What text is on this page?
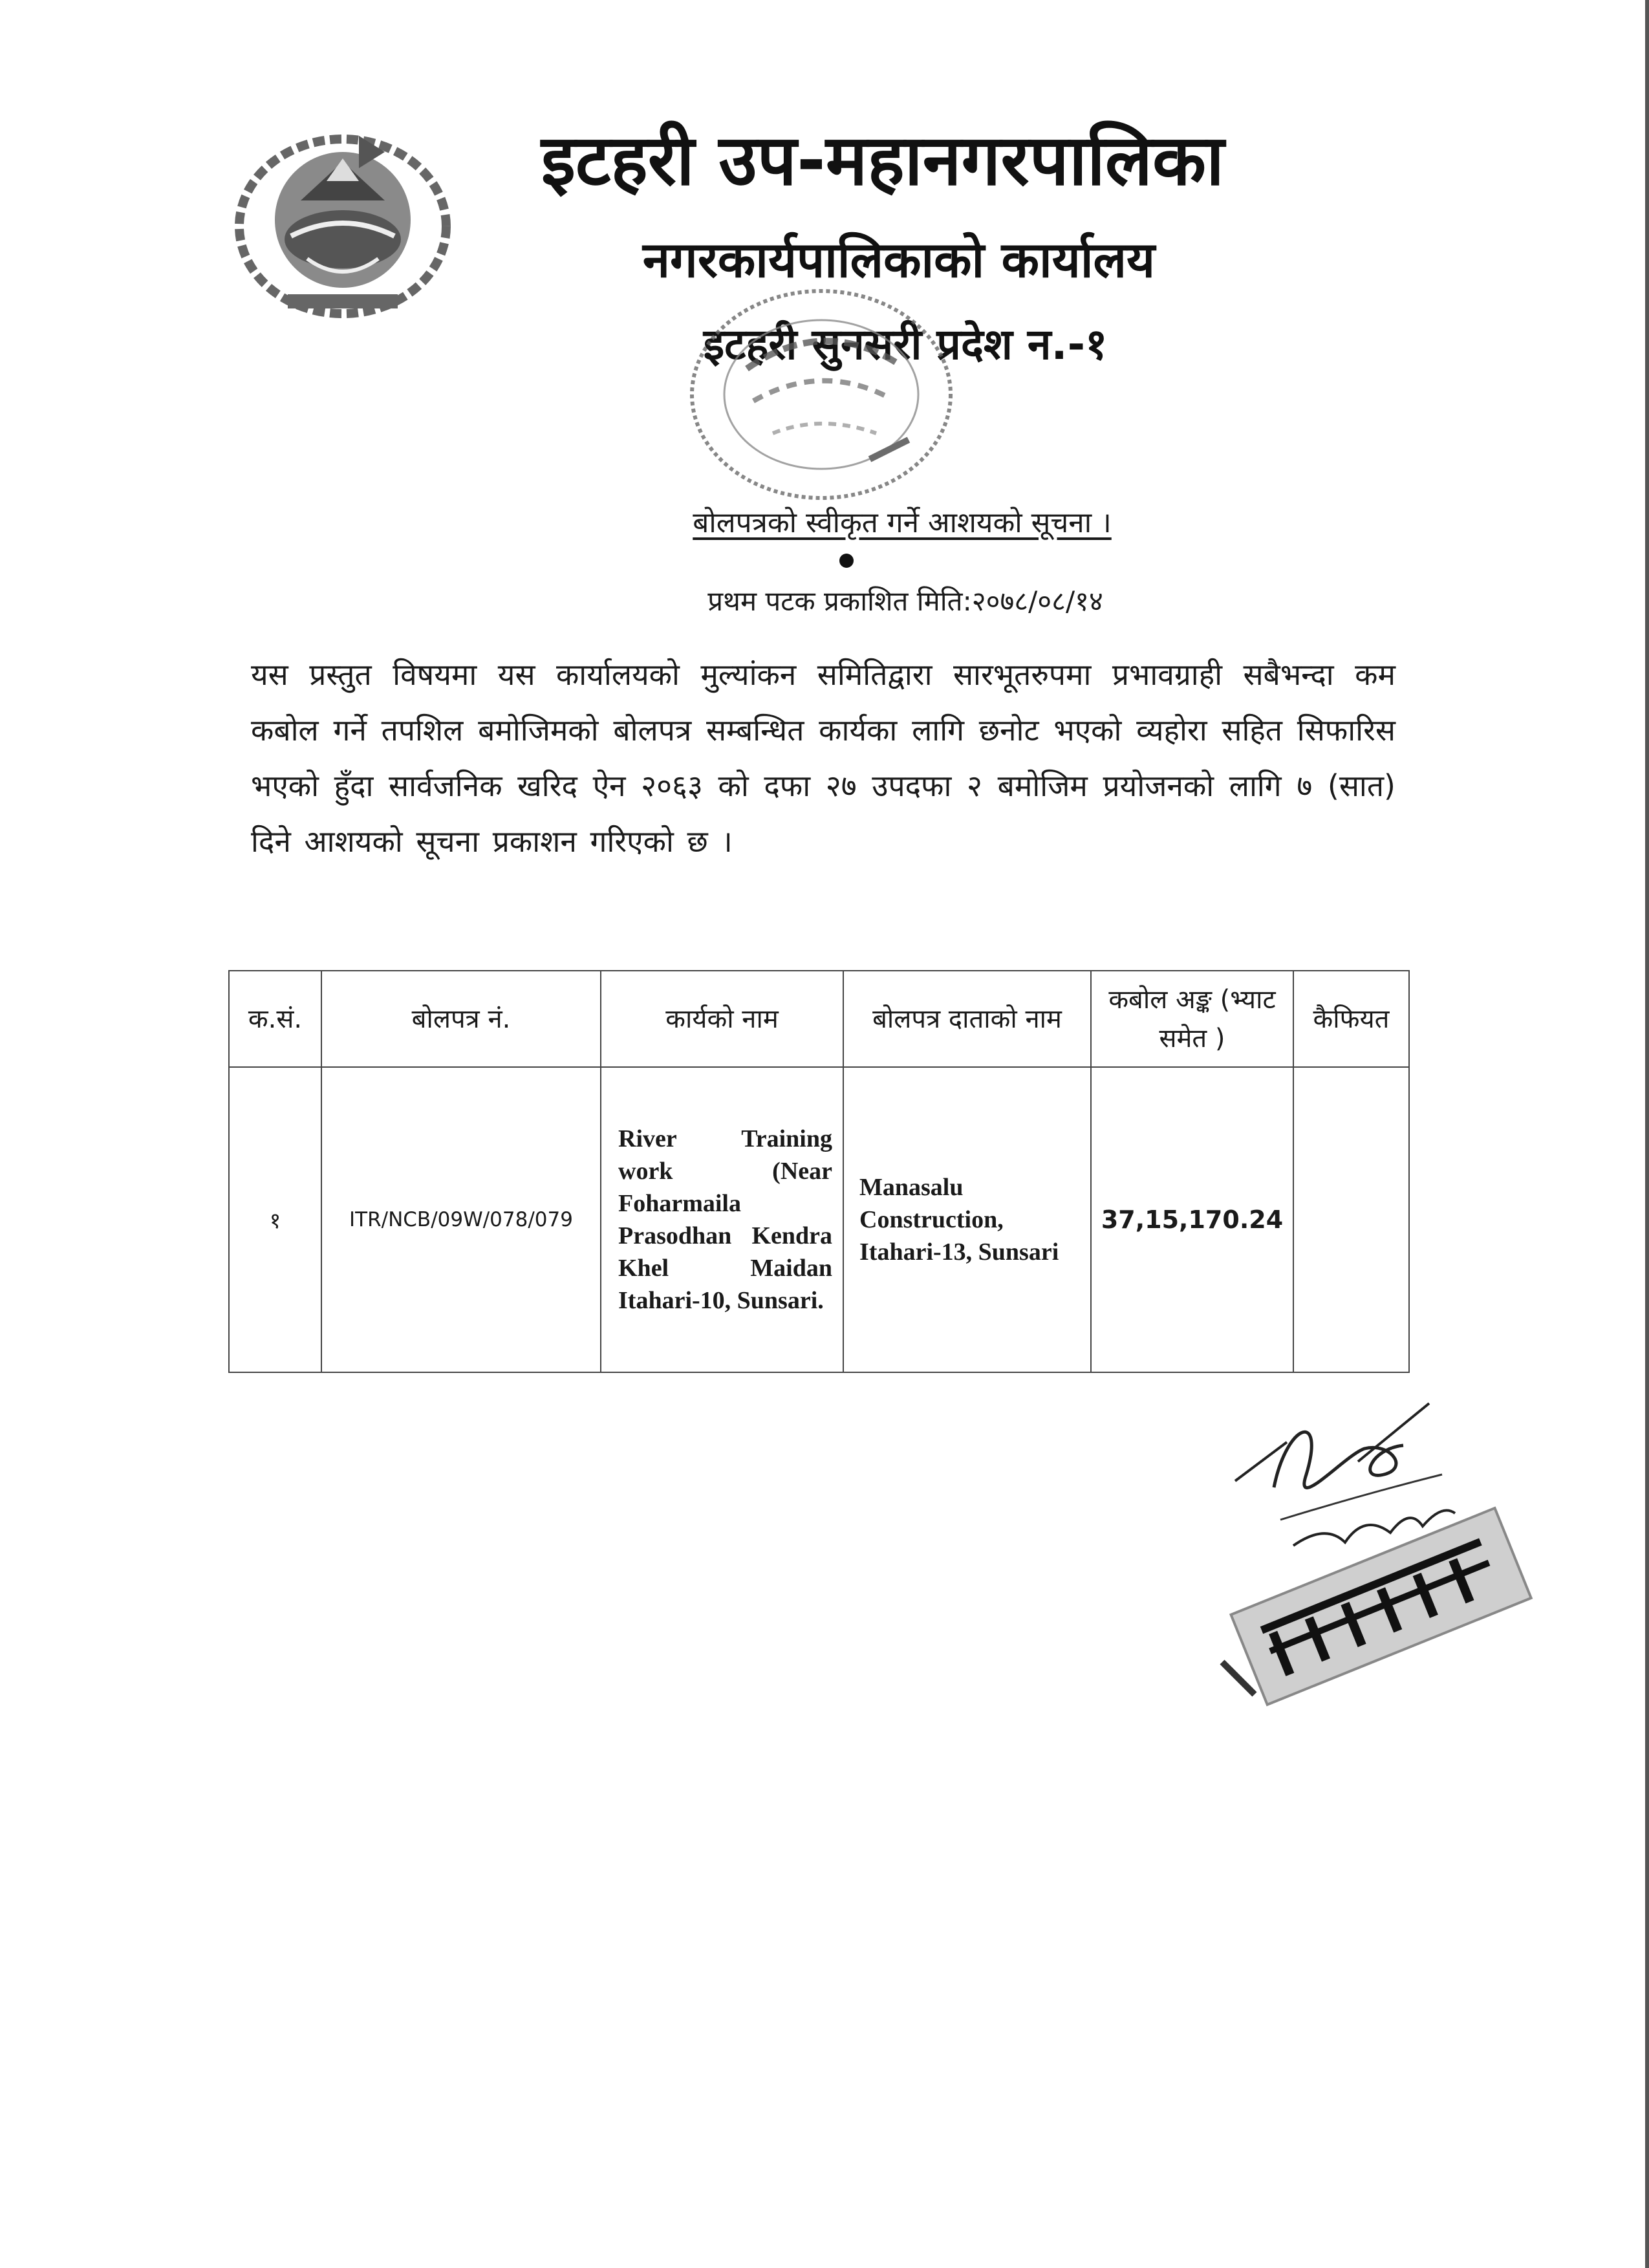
इटहरी उप-महानगरपालिका
नगरकार्यपालिकाको कार्यालय
इटहरी सुनसरी प्रदेश न.-१
बोलपत्रको स्वीकृत गर्ने आशयको सूचना ।
प्रथम पटक प्रकाशित मिति:२०७८/०८/१४
यस प्रस्तुत विषयमा यस कार्यालयको मुल्यांकन समितिद्वारा सारभूतरुपमा प्रभावग्राही सबैभन्दा कम कबोल गर्ने तपशिल बमोजिमको बोलपत्र सम्बन्धित कार्यका लागि छनोट भएको व्यहोरा सहित सिफारिस भएको हुँदा सार्वजनिक खरिद ऐन २०६३ को दफा २७ उपदफा २ बमोजिम प्रयोजनको लागि ७ (सात) दिने आशयको सूचना प्रकाशन गरिएको छ ।
क.सं.	बोलपत्र नं.	कार्यको नाम	बोलपत्र दाताको नाम	कबोल अङ्क (भ्याट समेत )	कैफियत
१	ITR/NCB/09W/078/079	River Training work (Near Foharmaila Prasodhan Kendra Khel Maidan Itahari-10, Sunsari.	Manasalu Construction, Itahari-13, Sunsari	37,15,170.24	
